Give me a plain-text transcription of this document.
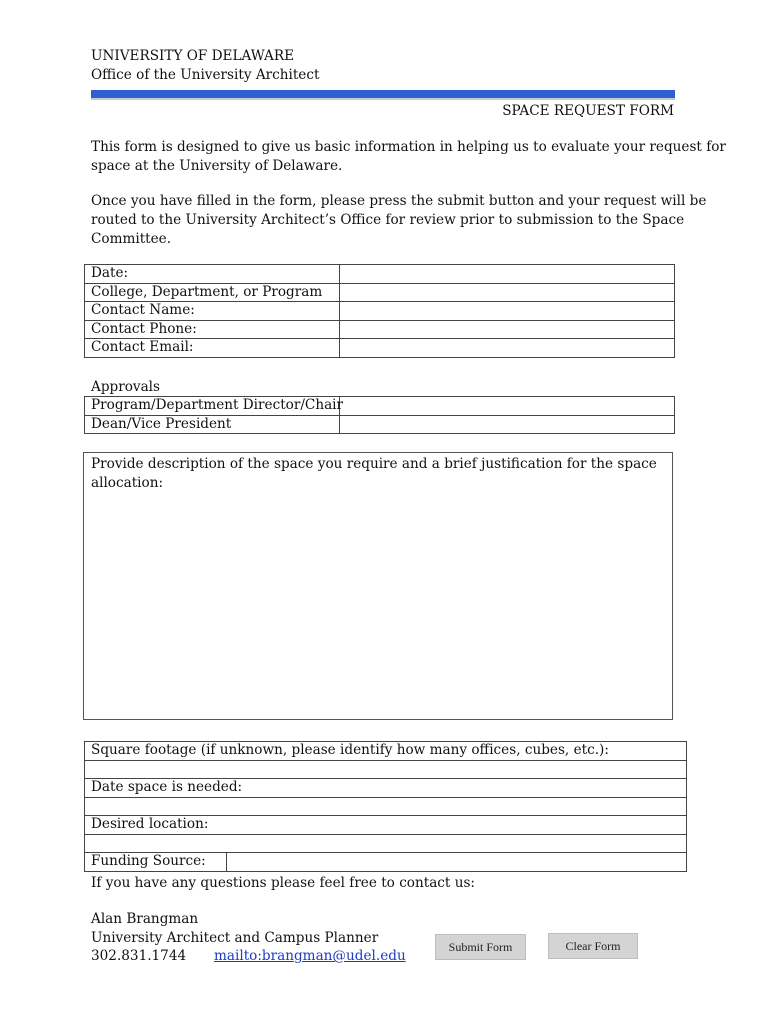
UNIVERSITY OF DELAWARE
Office of the University Architect
SPACE REQUEST FORM
This form is designed to give us basic information in helping us to evaluate your request for
space at the University of Delaware.
Once you have filled in the form, please press the submit button and your request will be
routed to the University Architect’s Office for review prior to submission to the Space
Committee.
Date:	
College, Department, or Program	
Contact Name:	
Contact Phone:	
Contact Email:	
Approvals
Program/Department Director/Chair	
Dean/Vice President	
Provide description of the space you require and a brief justification for the space allocation:
Square footage (if unknown, please identify how many offices, cubes, etc.):

Date space is needed:

Desired location:

Funding Source:	
If you have any questions please feel free to contact us:
Alan Brangman
University Architect and Campus Planner
302.831.1744 mailto:brangman@udel.edu
Submit Form	Clear Form
